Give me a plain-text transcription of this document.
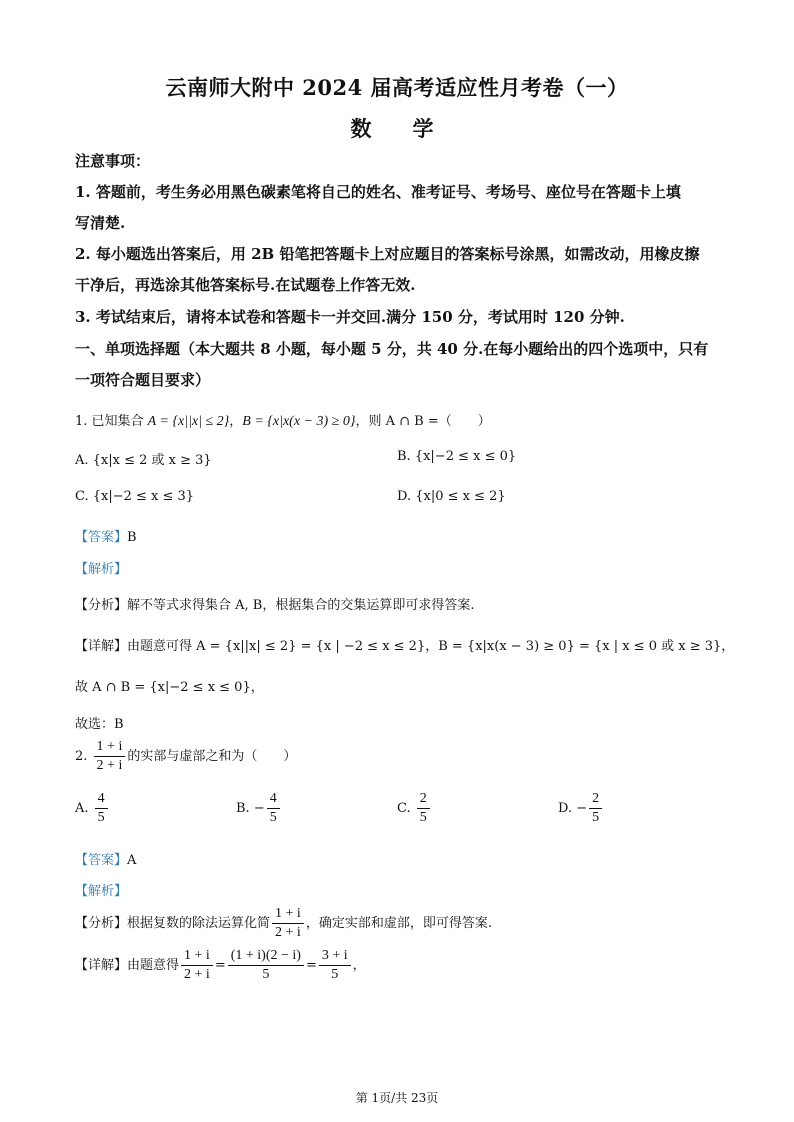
云南师大附中 2024 届高考适应性月考卷（一）
数　学
注意事项：
1. 答题前，考生务必用黑色碳素笔将自己的姓名、准考证号、考场号、座位号在答题卡上填
写清楚.
2. 每小题选出答案后，用 2B 铅笔把答题卡上对应题目的答案标号涂黑，如需改动，用橡皮擦
干净后，再选涂其他答案标号.在试题卷上作答无效.
3. 考试结束后，请将本试卷和答题卡一并交回.满分 150 分，考试用时 120 分钟.
一、单项选择题（本大题共 8 小题，每小题 5 分，共 40 分.在每小题给出的四个选项中，只有
一项符合题目要求）
1. 已知集合 A = {x||x| ≤ 2}，B = {x|x(x − 3) ≥ 0}，则 A ∩ B =（　　）
A. {x|x ≤ 2 或 x ≥ 3}	B. {x|−2 ≤ x ≤ 0}
C. {x|−2 ≤ x ≤ 3}	D. {x|0 ≤ x ≤ 2}
【答案】B
【解析】
【分析】解不等式求得集合 A, B，根据集合的交集运算即可求得答案.
【详解】由题意可得 A = {x||x| ≤ 2} = {x | −2 ≤ x ≤ 2}，B = {x|x(x − 3) ≥ 0} = {x | x ≤ 0 或 x ≥ 3}，
故 A ∩ B = {x|−2 ≤ x ≤ 0}，
故选：B
2. $\frac{1 + i}{2 + i}$ 的实部与虚部之和为（　　）
A. $\frac{4}{5}$	B. − $\frac{4}{5}$	C. $\frac{2}{5}$	D. − $\frac{2}{5}$
【答案】A
【解析】
【分析】根据复数的除法运算化简 $\frac{1 + i}{2 + i}$ ，确定实部和虚部，即可得答案.
【详解】由题意得 $\frac{1 + i}{2 + i} = \frac{(1 + i)(2 - i)}{5} = \frac{3 + i}{5}$ ，
第 1页/共 23页
